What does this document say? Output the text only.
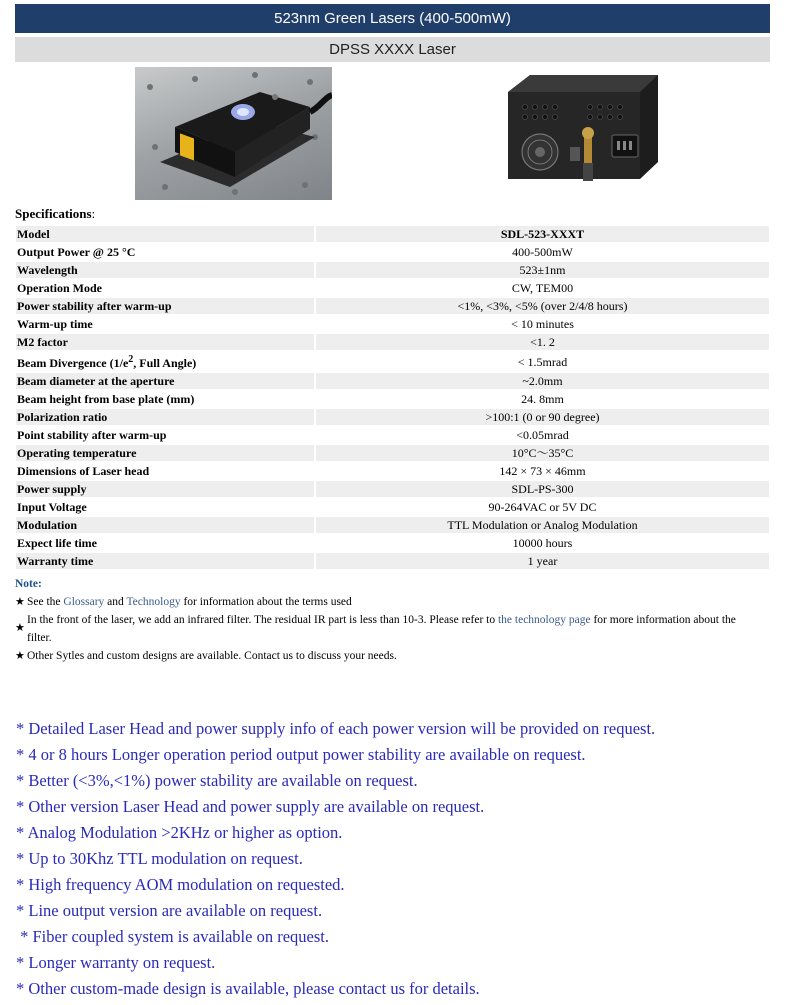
523nm Green Lasers (400-500mW)
DPSS XXXX Laser
Specifications:
Model	SDL-523-XXXT
Output Power @ 25 °C	400-500mW
Wavelength	523±1nm
Operation Mode	CW, TEM00
Power stability after warm-up	<1%, <3%, <5% (over 2/4/8 hours)
Warm-up time	< 10 minutes
M2 factor	<1. 2
Beam Divergence ($1/e^2$, Full Angle)	< 1.5mrad
Beam diameter at the aperture	~2.0mm
Beam height from base plate (mm)	24. 8mm
Polarization ratio	>100:1 (0 or 90 degree)
Point stability after warm-up	<0.05mrad
Operating temperature	10°C～35°C
Dimensions of Laser head	142 × 73 × 46mm
Power supply	SDL-PS-300
Input Voltage	90-264VAC or 5V DC
Modulation	TTL Modulation or Analog Modulation
Expect life time	10000 hours
Warranty time	1 year
Note:
★ See the Glossary and Technology for information about the terms used
★
In the front of the laser, we add an infrared filter. The residual IR part is less than 10-3. Please refer to the technology page for more information about the filter.
★ Other Sytles and custom designs are available. Contact us to discuss your needs.
* Detailed Laser Head and power supply info of each power version will be provided on request.
* 4 or 8 hours Longer operation period output power stability are available on request.
* Better (<3%,<1%) power stability are available on request.
* Other version Laser Head and power supply are available on request.
* Analog Modulation >2KHz or higher as option.
* Up to 30Khz TTL modulation on request.
* High frequency AOM modulation on requested.
* Line output version are available on request.
* Fiber coupled system is available on request.
* Longer warranty on request.
* Other custom-made design is available, please contact us for details.
